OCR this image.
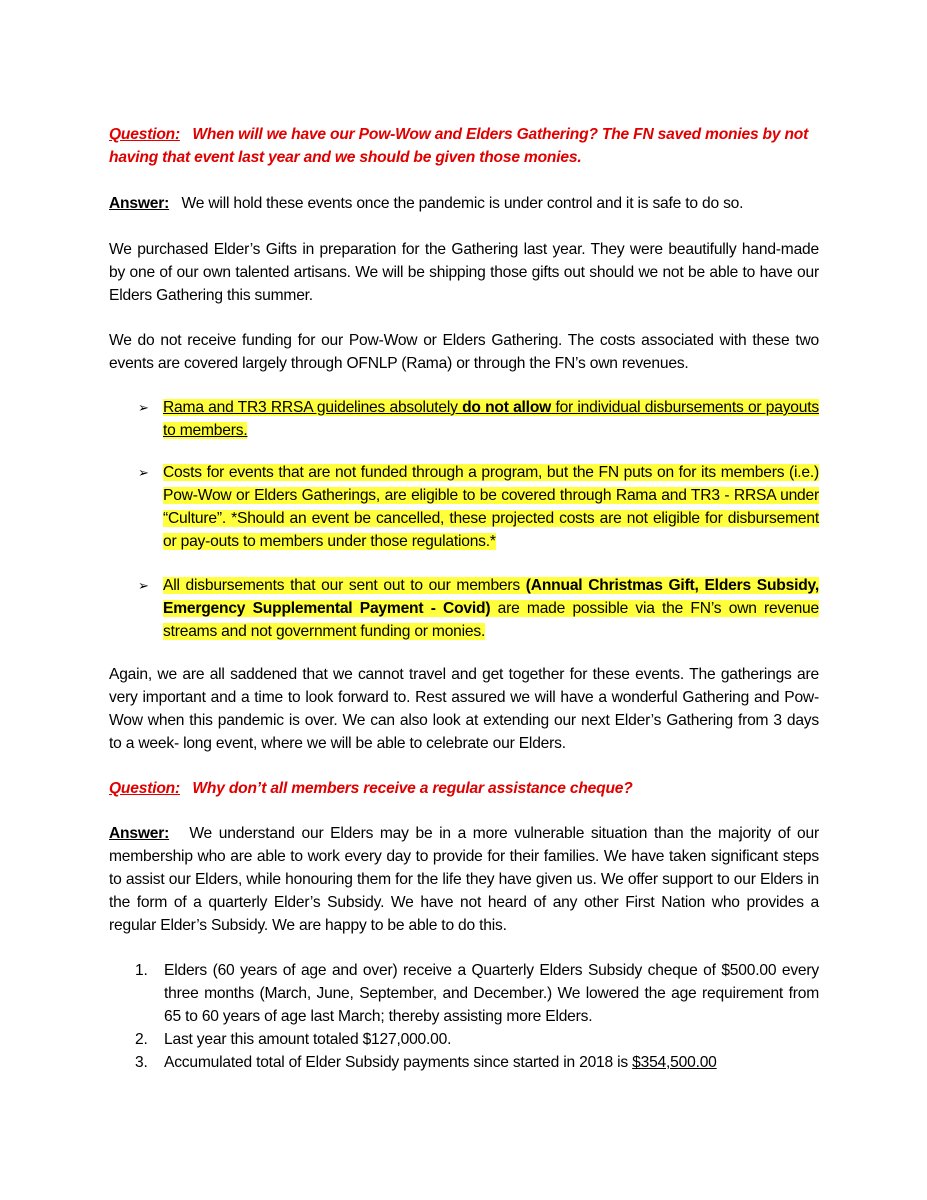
Question: When will we have our Pow-Wow and Elders Gathering? The FN saved monies by not having that event last year and we should be given those monies.

Answer: We will hold these events once the pandemic is under control and it is safe to do so.

We purchased Elder’s Gifts in preparation for the Gathering last year. They were beautifully hand-made by one of our own talented artisans. We will be shipping those gifts out should we not be able to have our Elders Gathering this summer.

We do not receive funding for our Pow-Wow or Elders Gathering. The costs associated with these two events are covered largely through OFNLP (Rama) or through the FN’s own revenues.

➢ Rama and TR3 RRSA guidelines absolutely do not allow for individual disbursements or payouts to members.
➢ Costs for events that are not funded through a program, but the FN puts on for its members (i.e.) Pow-Wow or Elders Gatherings, are eligible to be covered through Rama and TR3 - RRSA under “Culture”. *Should an event be cancelled, these projected costs are not eligible for disbursement or pay-outs to members under those regulations.*
➢ All disbursements that our sent out to our members (Annual Christmas Gift, Elders Subsidy, Emergency Supplemental Payment - Covid) are made possible via the FN’s own revenue streams and not government funding or monies.

Again, we are all saddened that we cannot travel and get together for these events. The gatherings are very important and a time to look forward to. Rest assured we will have a wonderful Gathering and Pow-Wow when this pandemic is over. We can also look at extending our next Elder’s Gathering from 3 days to a week- long event, where we will be able to celebrate our Elders.

Question: Why don’t all members receive a regular assistance cheque?

Answer: We understand our Elders may be in a more vulnerable situation than the majority of our membership who are able to work every day to provide for their families. We have taken significant steps to assist our Elders, while honouring them for the life they have given us. We offer support to our Elders in the form of a quarterly Elder’s Subsidy. We have not heard of any other First Nation who provides a regular Elder’s Subsidy. We are happy to be able to do this.

1.	Elders (60 years of age and over) receive a Quarterly Elders Subsidy cheque of $500.00 every three months (March, June, September, and December.) We lowered the age requirement from 65 to 60 years of age last March; thereby assisting more Elders.
2.	Last year this amount totaled $127,000.00.
3.	Accumulated total of Elder Subsidy payments since started in 2018 is $354,500.00
